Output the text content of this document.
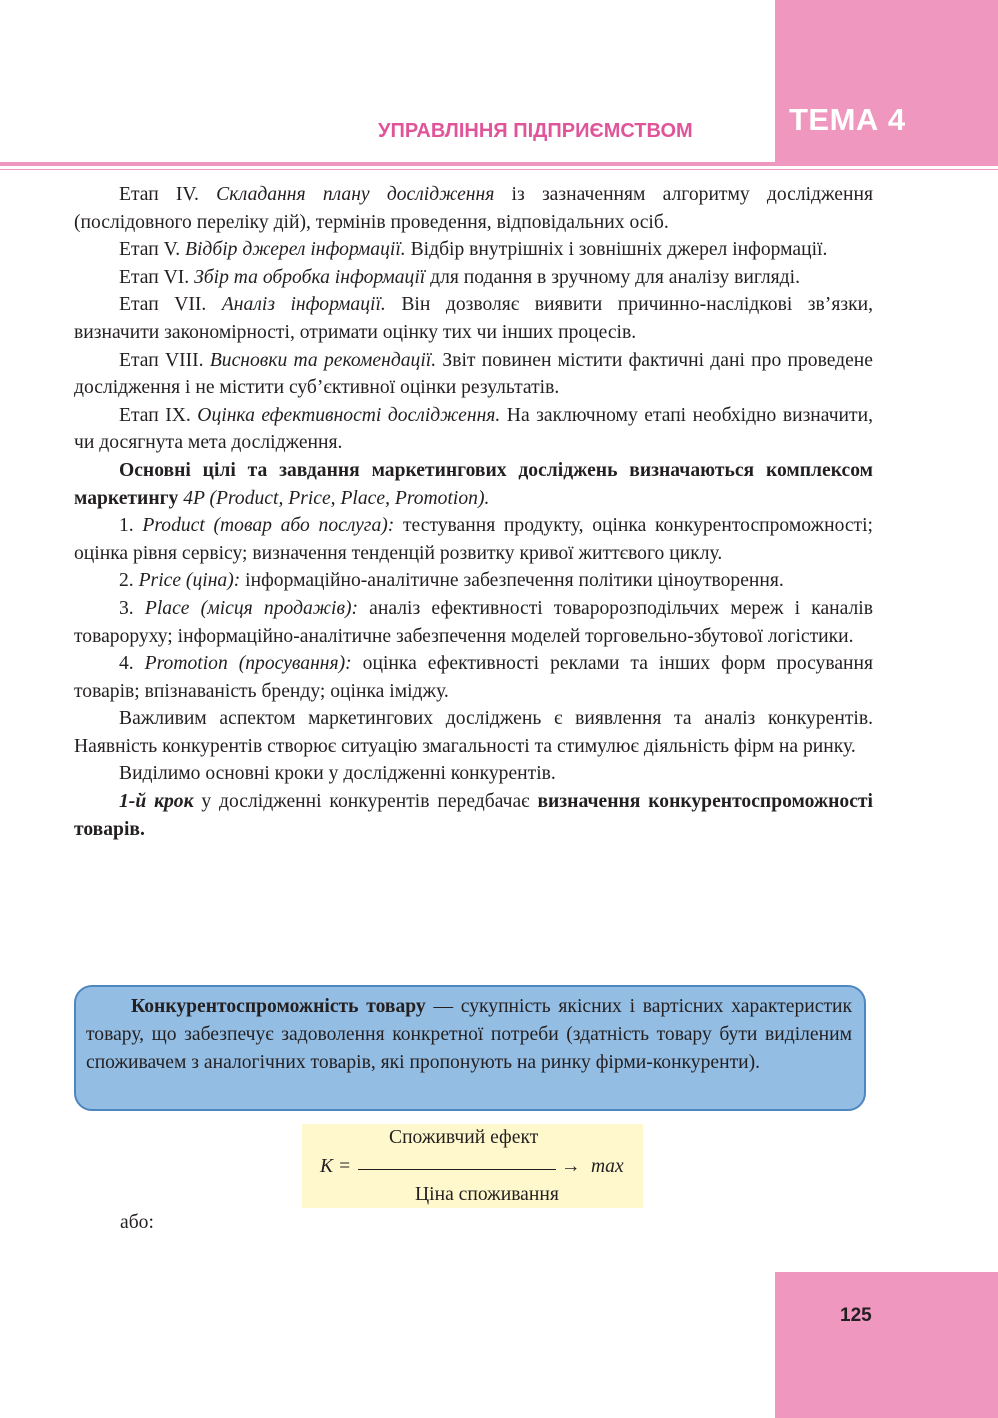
ТЕМА 4
УПРАВЛІННЯ ПІДПРИЄМСТВОМ

Етап IV. Складання плану дослідження із зазначенням алгоритму дослідження (послідовного переліку дій), термінів проведення, відповідальних осіб.

Етап V. Відбір джерел інформації. Відбір внутрішніх і зовнішніх джерел інформації.

Етап VI. Збір та обробка інформації для подання в зручному для аналізу вигляді.

Етап VII. Аналіз інформації. Він дозволяє виявити причинно-наслідкові зв’язки, визначити закономірності, отримати оцінку тих чи інших процесів.

Етап VIII. Висновки та рекомендації. Звіт повинен містити фактичні дані про проведене дослідження і не містити суб’єктивної оцінки результатів.

Етап IX. Оцінка ефективності дослідження. На заключному етапі необхідно визначити, чи досягнута мета дослідження.

Основні цілі та завдання маркетингових досліджень визначаються комплексом маркетингу 4P (Product, Price, Place, Promotion).

1. Product (товар або послуга): тестування продукту, оцінка конкурентоспроможності; оцінка рівня сервісу; визначення тенденцій розвитку кривої життєвого циклу.

2. Price (ціна): інформаційно-аналітичне забезпечення політики ціноутворення.

3. Place (місця продажів): аналіз ефективності товаророзподільчих мереж і каналів товароруху; інформаційно-аналітичне забезпечення моделей торговельно-збутової логістики.

4. Promotion (просування): оцінка ефективності реклами та інших форм просування товарів; впізнаваність бренду; оцінка іміджу.

Важливим аспектом маркетингових досліджень є виявлення та аналіз конкурентів. Наявність конкурентів створює ситуацію змагальності та стимулює діяльність фірм на ринку.

Виділимо основні кроки у дослідженні конкурентів.

1-й крок у дослідженні конкурентів передбачає визначення конкурентоспроможності товарів.

Конкурентоспроможність товару — сукупність якісних і вартісних характеристик товару, що забезпечує задоволення конкретної потреби (здатність товару бути виділеним споживачем з аналогічних товарів, які пропонують на ринку фірми-конкуренти).

Споживчий ефект
К =	→ max
Ціна споживання
або:
125
